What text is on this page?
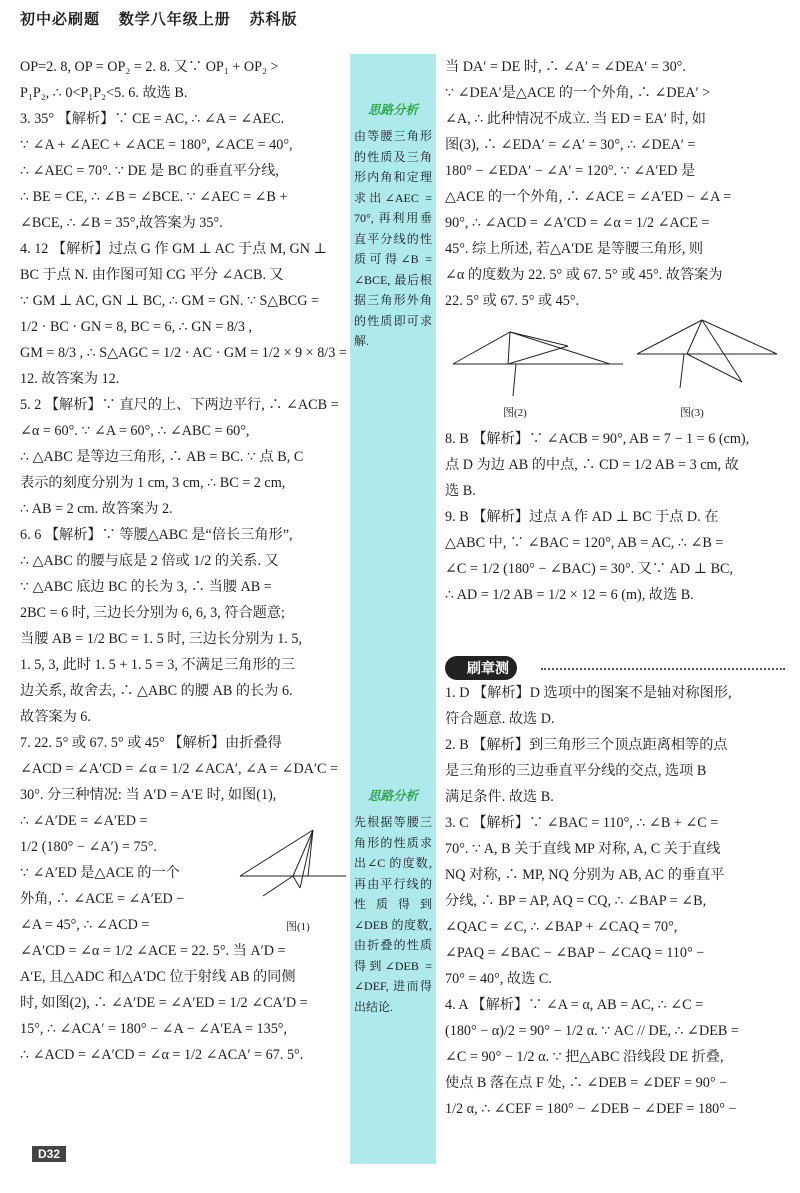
初中必刷题 数学八年级上册 苏科版

OP=2. 8, OP = OP₂ = 2. 8. 又∵ OP₁ + OP₂ >

P₁P₂, ∴ 0<P₁P₂<5. 6. 故选 B.

3. 35° 【解析】∵ CE = AC, ∴ ∠A = ∠AEC.

∵ ∠A + ∠AEC + ∠ACE = 180°, ∠ACE = 40°,

∴ ∠AEC = 70°. ∵ DE 是 BC 的垂直平分线,

∴ BE = CE, ∴ ∠B = ∠BCE. ∵ ∠AEC = ∠B +

∠BCE, ∴ ∠B = 35°,故答案为 35°.

4. 12 【解析】过点 G 作 GM ⊥ AC 于点 M, GN ⊥

BC 于点 N. 由作图可知 CG 平分 ∠ACB. 又

∵ GM ⊥ AC, GN ⊥ BC, ∴ GM = GN. ∵ S△BCG =

1/2 · BC · GN = 8, BC = 6, ∴ GN = 8/3 ,

GM = 8/3 , ∴ S△AGC = 1/2 · AC · GM = 1/2 × 9 × 8/3 =

12. 故答案为 12.

5. 2 【解析】∵ 直尺的上、下两边平行, ∴ ∠ACB =

∠α = 60°. ∵ ∠A = 60°, ∴ ∠ABC = 60°,

∴ △ABC 是等边三角形, ∴ AB = BC. ∵ 点 B, C

表示的刻度分别为 1 cm, 3 cm, ∴ BC = 2 cm,

∴ AB = 2 cm. 故答案为 2.

6. 6 【解析】∵ 等腰△ABC 是“倍长三角形”,

∴ △ABC 的腰与底是 2 倍或 1/2 的关系. 又

∵ △ABC 底边 BC 的长为 3, ∴ 当腰 AB =

2BC = 6 时, 三边长分别为 6, 6, 3, 符合题意;

当腰 AB = 1/2 BC = 1. 5 时, 三边长分别为 1. 5,

1. 5, 3, 此时 1. 5 + 1. 5 = 3, 不满足三角形的三

边关系, 故舍去, ∴ △ABC 的腰 AB 的长为 6.

故答案为 6.

7. 22. 5° 或 67. 5° 或 45° 【解析】由折叠得

∠ACD = ∠A′CD = ∠α = 1/2 ∠ACA′, ∠A = ∠DA′C =

30°. 分三种情况: 当 A′D = A′E 时, 如图(1),

∴ ∠A′DE = ∠A′ED =

1/2 (180° − ∠A′) = 75°.

∵ ∠A′ED 是△ACE 的一个

外角, ∴ ∠ACE = ∠A′ED −

∠A = 45°, ∴ ∠ACD =

∠A′CD = ∠α = 1/2 ∠ACE = 22. 5°. 当 A′D =

A′E, 且△ADC 和△A′DC 位于射线 AB 的同侧

时, 如图(2), ∴ ∠A′DE = ∠A′ED = 1/2 ∠CA′D =

15°, ∴ ∠ACA′ = 180° − ∠A − ∠A′EA = 135°,

∴ ∠ACD = ∠A′CD = ∠α = 1/2 ∠ACA′ = 67. 5°.

思路分析
由等腰三角形的性质及三角形内角和定理求出∠AEC = 70°, 再利用垂直平分线的性质可得∠B = ∠BCE, 最后根据三角形外角的性质即可求解.
思路分析
先根据等腰三角形的性质求出∠C 的度数, 再由平行线的性质得到∠DEB 的度数, 由折叠的性质得到∠DEB = ∠DEF, 进而得出结论.

当 DA′ = DE 时, ∴ ∠A′ = ∠DEA′ = 30°.

∵ ∠DEA′是△ACE 的一个外角, ∴ ∠DEA′ >

∠A, ∴ 此种情况不成立. 当 ED = EA′ 时, 如

图(3), ∴ ∠EDA′ = ∠A′ = 30°, ∴ ∠DEA′ =

180° − ∠EDA′ − ∠A′ = 120°. ∵ ∠A′ED 是

△ACE 的一个外角, ∴ ∠ACE = ∠A′ED − ∠A =

90°, ∴ ∠ACD = ∠A′CD = ∠α = 1/2 ∠ACE =

45°. 综上所述, 若△A′DE 是等腰三角形, 则

∠α 的度数为 22. 5° 或 67. 5° 或 45°. 故答案为

22. 5° 或 67. 5° 或 45°.

图(2)	图(3)

8. B 【解析】∵ ∠ACB = 90°, AB = 7 − 1 = 6 (cm),

点 D 为边 AB 的中点, ∴ CD = 1/2 AB = 3 cm, 故

选 B.

9. B 【解析】过点 A 作 AD ⊥ BC 于点 D. 在

△ABC 中, ∵ ∠BAC = 120°, AB = AC, ∴ ∠B =

∠C = 1/2 (180° − ∠BAC) = 30°. 又∵ AD ⊥ BC,

∴ AD = 1/2 AB = 1/2 × 12 = 6 (m), 故选 B.

刷章测

1. D 【解析】D 选项中的图案不是轴对称图形,

符合题意. 故选 D.

2. B 【解析】到三角形三个顶点距离相等的点

是三角形的三边垂直平分线的交点, 选项 B

满足条件. 故选 B.

3. C 【解析】∵ ∠BAC = 110°, ∴ ∠B + ∠C =

70°. ∵ A, B 关于直线 MP 对称, A, C 关于直线

NQ 对称, ∴ MP, NQ 分别为 AB, AC 的垂直平

分线, ∴ BP = AP, AQ = CQ, ∴ ∠BAP = ∠B,

∠QAC = ∠C, ∴ ∠BAP + ∠CAQ = 70°,

∠PAQ = ∠BAC − ∠BAP − ∠CAQ = 110° −

70° = 40°, 故选 C.

4. A 【解析】∵ ∠A = α, AB = AC, ∴ ∠C =

(180° − α)/2 = 90° − 1/2 α. ∵ AC // DE, ∴ ∠DEB =

∠C = 90° − 1/2 α. ∵ 把△ABC 沿线段 DE 折叠,

使点 B 落在点 F 处, ∴ ∠DEB = ∠DEF = 90° −

1/2 α, ∴ ∠CEF = 180° − ∠DEB − ∠DEF = 180° −

图(1)
D32
